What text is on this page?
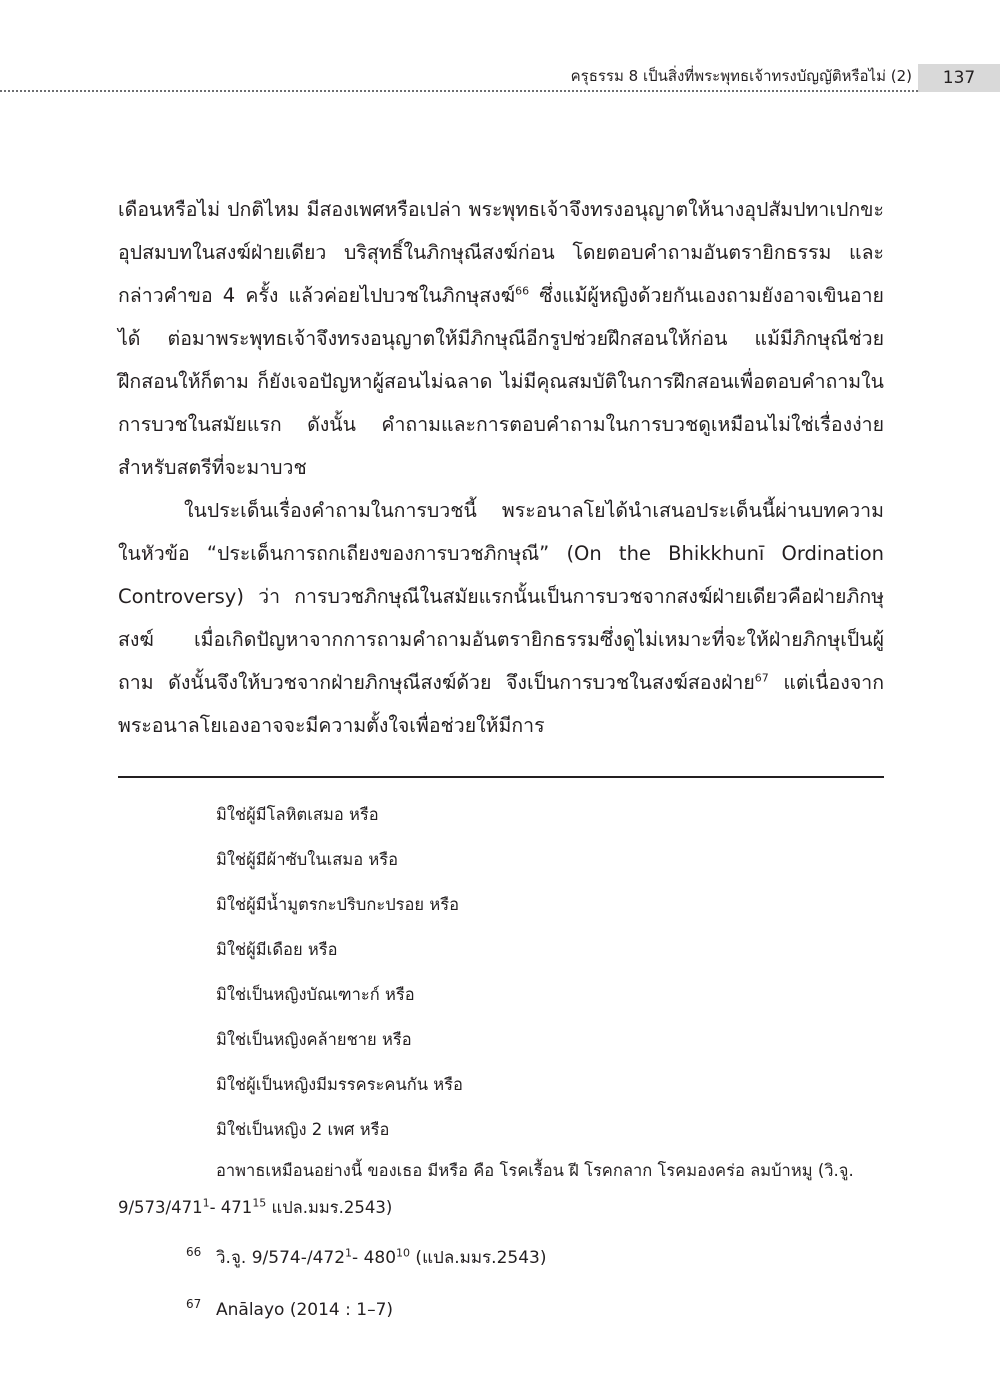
ครุธรรม 8 เป็นสิ่งที่พระพุทธเจ้าทรงบัญญัติหรือไม่ (2)	137

เดือนหรือไม่ ปกติไหม มีสองเพศหรือเปล่า พระพุทธเจ้าจึงทรงอนุญาตให้นางอุปสัมปทาเปกขะอุปสมบทในสงฆ์ฝ่ายเดียว บริสุทธิ์ในภิกษุณีสงฆ์ก่อน โดยตอบคำถามอันตรายิกธรรม และกล่าวคำขอ 4 ครั้ง แล้วค่อยไปบวชในภิกษุสงฆ์$^{66}$ ซึ่งแม้ผู้หญิงด้วยกันเองถามยังอาจเขินอายได้ ต่อมาพระพุทธเจ้าจึงทรงอนุญาตให้มีภิกษุณีอีกรูปช่วยฝึกสอนให้ก่อน แม้มีภิกษุณีช่วยฝึกสอนให้ก็ตาม ก็ยังเจอปัญหาผู้สอนไม่ฉลาด ไม่มีคุณสมบัติในการฝึกสอนเพื่อตอบคำถามในการบวชในสมัยแรก ดังนั้น คำถามและการตอบคำถามในการบวชดูเหมือนไม่ใช่เรื่องง่ายสำหรับสตรีที่จะมาบวช

ในประเด็นเรื่องคำถามในการบวชนี้ พระอนาลโยได้นำเสนอประเด็นนี้ผ่านบทความในหัวข้อ “ประเด็นการถกเถียงของการบวชภิกษุณี” (On the Bhikkhunī Ordination Controversy) ว่า การบวชภิกษุณีในสมัยแรกนั้นเป็นการบวชจากสงฆ์ฝ่ายเดียวคือฝ่ายภิกษุสงฆ์ เมื่อเกิดปัญหาจากการถามคำถามอันตรายิกธรรมซึ่งดูไม่เหมาะที่จะให้ฝ่ายภิกษุเป็นผู้ถาม ดังนั้นจึงให้บวชจากฝ่ายภิกษุณีสงฆ์ด้วย จึงเป็นการบวชในสงฆ์สองฝ่าย$^{67}$ แต่เนื่องจากพระอนาลโยเองอาจจะมีความตั้งใจเพื่อช่วยให้มีการ

มิใช่ผู้มีโลหิตเสมอ หรือ
มิใช่ผู้มีผ้าซับในเสมอ หรือ
มิใช่ผู้มีน้ำมูตรกะปริบกะปรอย หรือ
มิใช่ผู้มีเดือย หรือ
มิใช่เป็นหญิงบัณเฑาะก์ หรือ
มิใช่เป็นหญิงคล้ายชาย หรือ
มิใช่ผู้เป็นหญิงมีมรรคระคนกัน หรือ
มิใช่เป็นหญิง 2 เพศ หรือ

อาพาธเหมือนอย่างนี้ ของเธอ มีหรือ คือ โรคเรื้อน ฝี โรคกลาก โรคมองคร่อ ลมบ้าหมู (วิ.จู. $9/573/471^1-$ $471^{15}$ แปล.มมร.2543)

66 วิ.จู. $9/574-/472^1-$ $480^{10}$ (แปล.มมร.2543)
67 Anālayo (2014 : 1–7)
